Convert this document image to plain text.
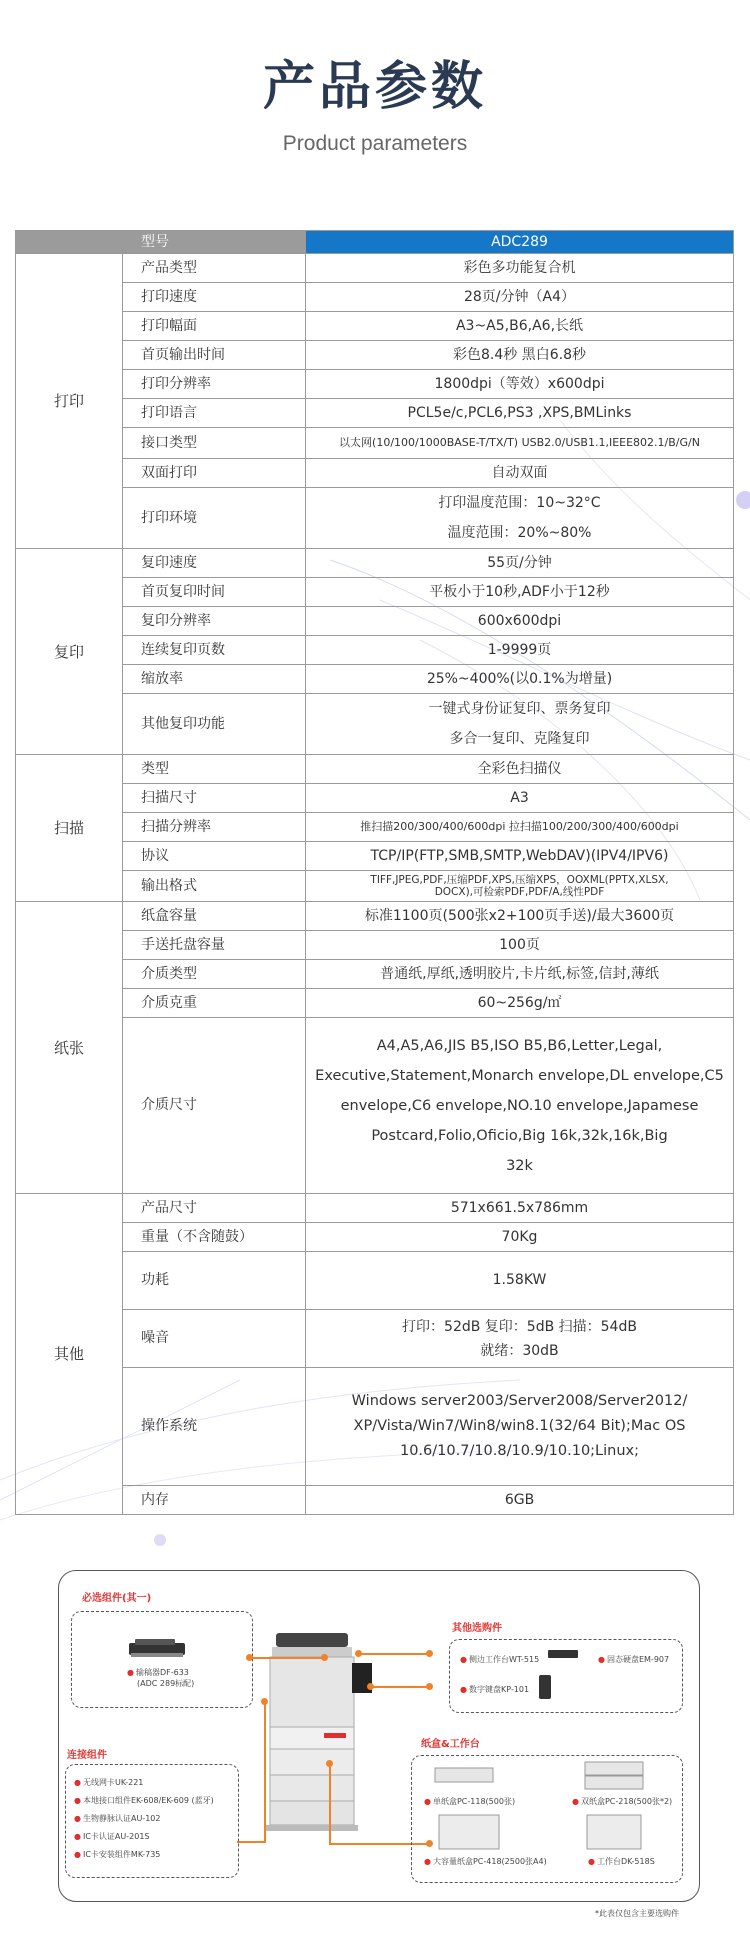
产品参数
Product parameters
	型号	ADC289
打印	产品类型	彩色多功能复合机
	打印速度	28页/分钟（A4）
	打印幅面	A3~A5,B6,A6,长纸
	首页输出时间	彩色8.4秒 黑白6.8秒
	打印分辨率	1800dpi（等效）x600dpi
	打印语言	PCL5e/c,PCL6,PS3 ,XPS,BMLinks
	接口类型	以太网(10/100/1000BASE-T/TX/T) USB2.0/USB1.1,IEEE802.1/B/G/N
	双面打印	自动双面
	打印环境	打印温度范围：10~32°C
温度范围：20%~80%

复印	复印速度	55页/分钟
	首页复印时间	平板小于10秒,ADF小于12秒
	复印分辨率	600x600dpi
	连续复印页数	1-9999页
	缩放率	25%~400%(以0.1%为增量)
	其他复印功能	一键式身份证复印、票务复印
多合一复印、克隆复印

扫描	类型	全彩色扫描仪
	扫描尺寸	A3
	扫描分辨率	推扫描200/300/400/600dpi 拉扫描100/200/300/400/600dpi
	协议	TCP/IP(FTP,SMB,SMTP,WebDAV)(IPV4/IPV6)
	输出格式	TIFF,JPEG,PDF,压缩PDF,XPS,压缩XPS，OOXML(PPTX,XLSX,
DOCX),可检索PDF,PDF/A,线性PDF

纸张	纸盒容量	标准1100页(500张x2+100页手送)/最大3600页
	手送托盘容量	100页
	介质类型	普通纸,厚纸,透明胶片,卡片纸,标签,信封,薄纸
	介质克重	60~256g/㎡
	介质尺寸	A4,A5,A6,JIS B5,ISO B5,B6,Letter,Legal,
Executive,Statement,Monarch envelope,DL envelope,C5
envelope,C6 envelope,NO.10 envelope,Japamese
Postcard,Folio,Oficio,Big 16k,32k,16k,Big
32k

其他	产品尺寸	571x661.5x786mm
	重量（不含随鼓）	70Kg
	功耗	1.58KW
	噪音	打印：52dB 复印：5dB 扫描：54dB
就绪：30dB

	操作系统	Windows server2003/Server2008/Server2012/
XP/Vista/Win7/Win8/win8.1(32/64 Bit);Mac OS
10.6/10.7/10.8/10.9/10.10;Linux;

	内存	6GB
必选组件(其一)
● 输稿器DF-633
(ADC 289标配)
其他选购件
● 侧边工作台WT-515	● 固态硬盘EM-907
● 数字键盘KP-101
连接组件
● 无线网卡UK-221
● 本地接口组件EK-608/EK-609 (蓝牙)
● 生物静脉认证AU-102
● IC卡认证AU-201S
● IC卡安装组件MK-735
纸盒&工作台
● 单纸盒PC-118(500张)	● 双纸盒PC-218(500张*2)
● 大容量纸盒PC-418(2500张A4)	● 工作台DK-518S
*此表仅包含主要选购件
